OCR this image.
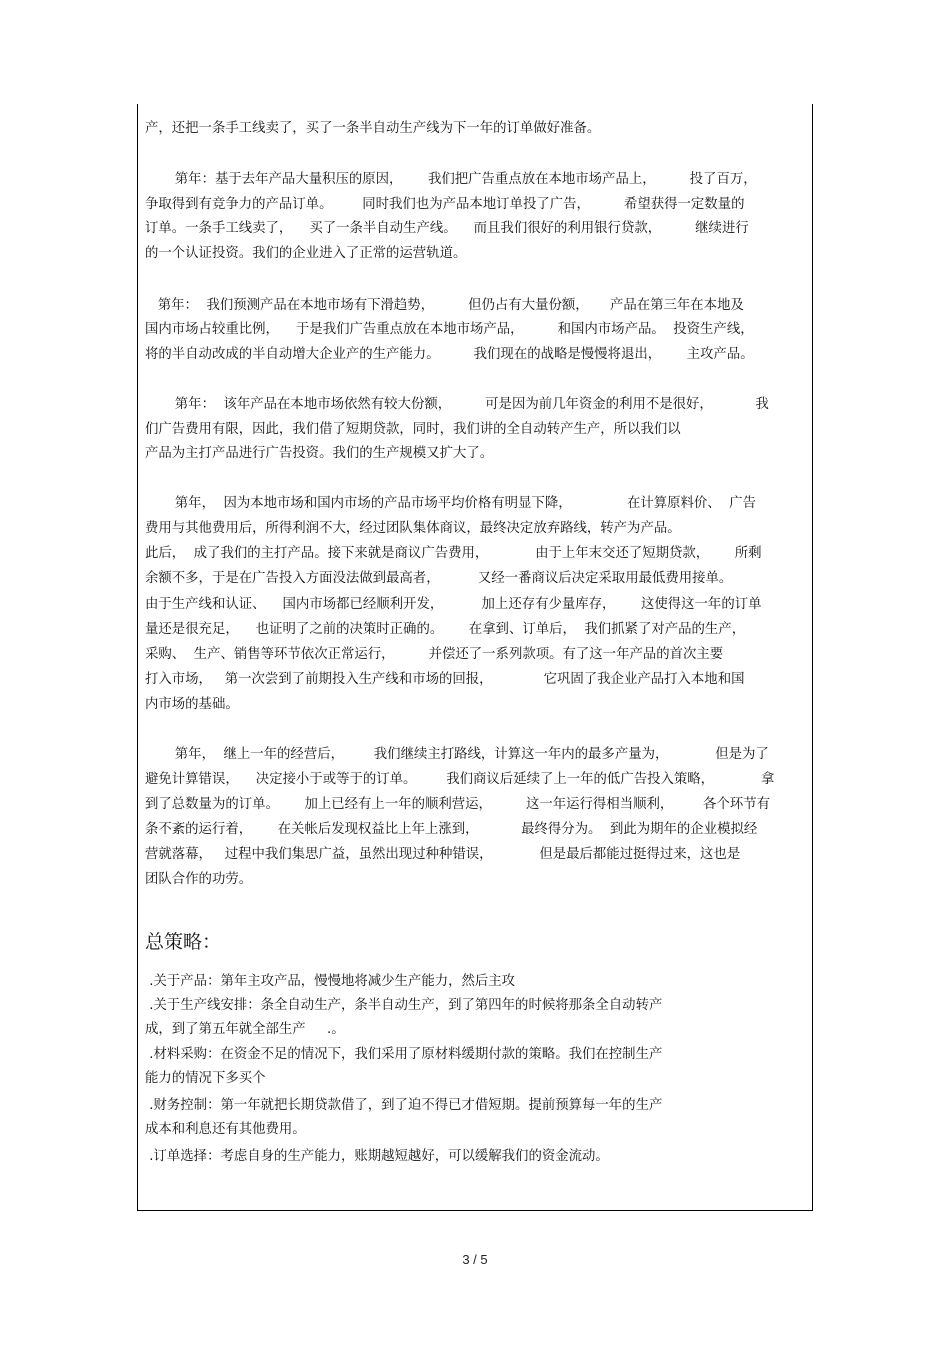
产，还把一条手工线卖了，买了一条半自动生产线为下一年的订单做好准备。
第年：基于去年产品大量积压的原因，      我们把广告重点放在本地市场产品上，        投了百万，
争取得到有竞争力的产品订单。       同时我们也为产品本地订单投了广告，        希望获得一定数量的
订单。一条手工线卖了，    买了一条半自动生产线。    而且我们很好的利用银行贷款，        继续进行
的一个认证投资。我们的企业进入了正常的运营轨道。
第年：  我们预测产品在本地市场有下滑趋势，        但仍占有大量份额，     产品在第三年在本地及
国内市场占较重比例，    于是我们广告重点放在本地市场产品，        和国内市场产品。  投资生产线，
将的半自动改成的半自动增大企业产的生产能力。        我们现在的战略是慢慢将退出，      主攻产品。
第年：  该年产品在本地市场依然有较大份额，        可是因为前几年资金的利用不是很好，          我
们广告费用有限，因此，我们借了短期贷款，同时，我们讲的全自动转产生产，所以我们以
产品为主打产品进行广告投资。我们的生产规模又扩大了。
第年，  因为本地市场和国内市场的产品市场平均价格有明显下降，             在计算原料价、  广告
费用与其他费用后，所得利润不大，经过团队集体商议，最终决定放弃路线，转产为产品。
此后，  成了我们的主打产品。接下来就是商议广告费用，           由于上年末交还了短期贷款，      所剩
余额不多，于是在广告投入方面没法做到最高者，         又经一番商议后决定采取用最低费用接单。
由于生产线和认证、    国内市场都已经顺利开发，         加上还存有少量库存，      这使得这一年的订单
量还是很充足，    也证明了之前的决策时正确的。      在拿到、订单后，  我们抓紧了对产品的生产，
采购、  生产、销售等环节依次正常运行，        并偿还了一系列款项。有了这一年产品的首次主要
打入市场，   第一次尝到了前期投入生产线和市场的回报，            它巩固了我企业产品打入本地和国
内市场的基础。
第年，  继上一年的经营后，       我们继续主打路线，计算这一年内的最多产量为，           但是为了
避免计算错误，    决定接小于或等于的订单。       我们商议后延续了上一年的低广告投入策略，           拿
到了总数量为的订单。      加上已经有上一年的顺利营运，        这一年运行得相当顺利，       各个环节有
条不紊的运行着，      在关帐后发现权益比上年上涨到，          最终得分为。  到此为期年的企业模拟经
营就落幕，   过程中我们集思广益，虽然出现过种种错误，           但是最后都能过挺得过来，这也是
团队合作的功劳。
总策略：
.关于产品：第年主攻产品，慢慢地将减少生产能力，然后主攻
.关于生产线安排：条全自动生产，条半自动生产，到了第四年的时候将那条全自动转产
成，到了第五年就全部生产     .。
.材料采购：在资金不足的情况下，我们采用了原材料缓期付款的策略。我们在控制生产
能力的情况下多买个
.财务控制：第一年就把长期贷款借了，到了迫不得已才借短期。提前预算每一年的生产
成本和利息还有其他费用。
.订单选择：考虑自身的生产能力，账期越短越好，可以缓解我们的资金流动。
3 / 5
